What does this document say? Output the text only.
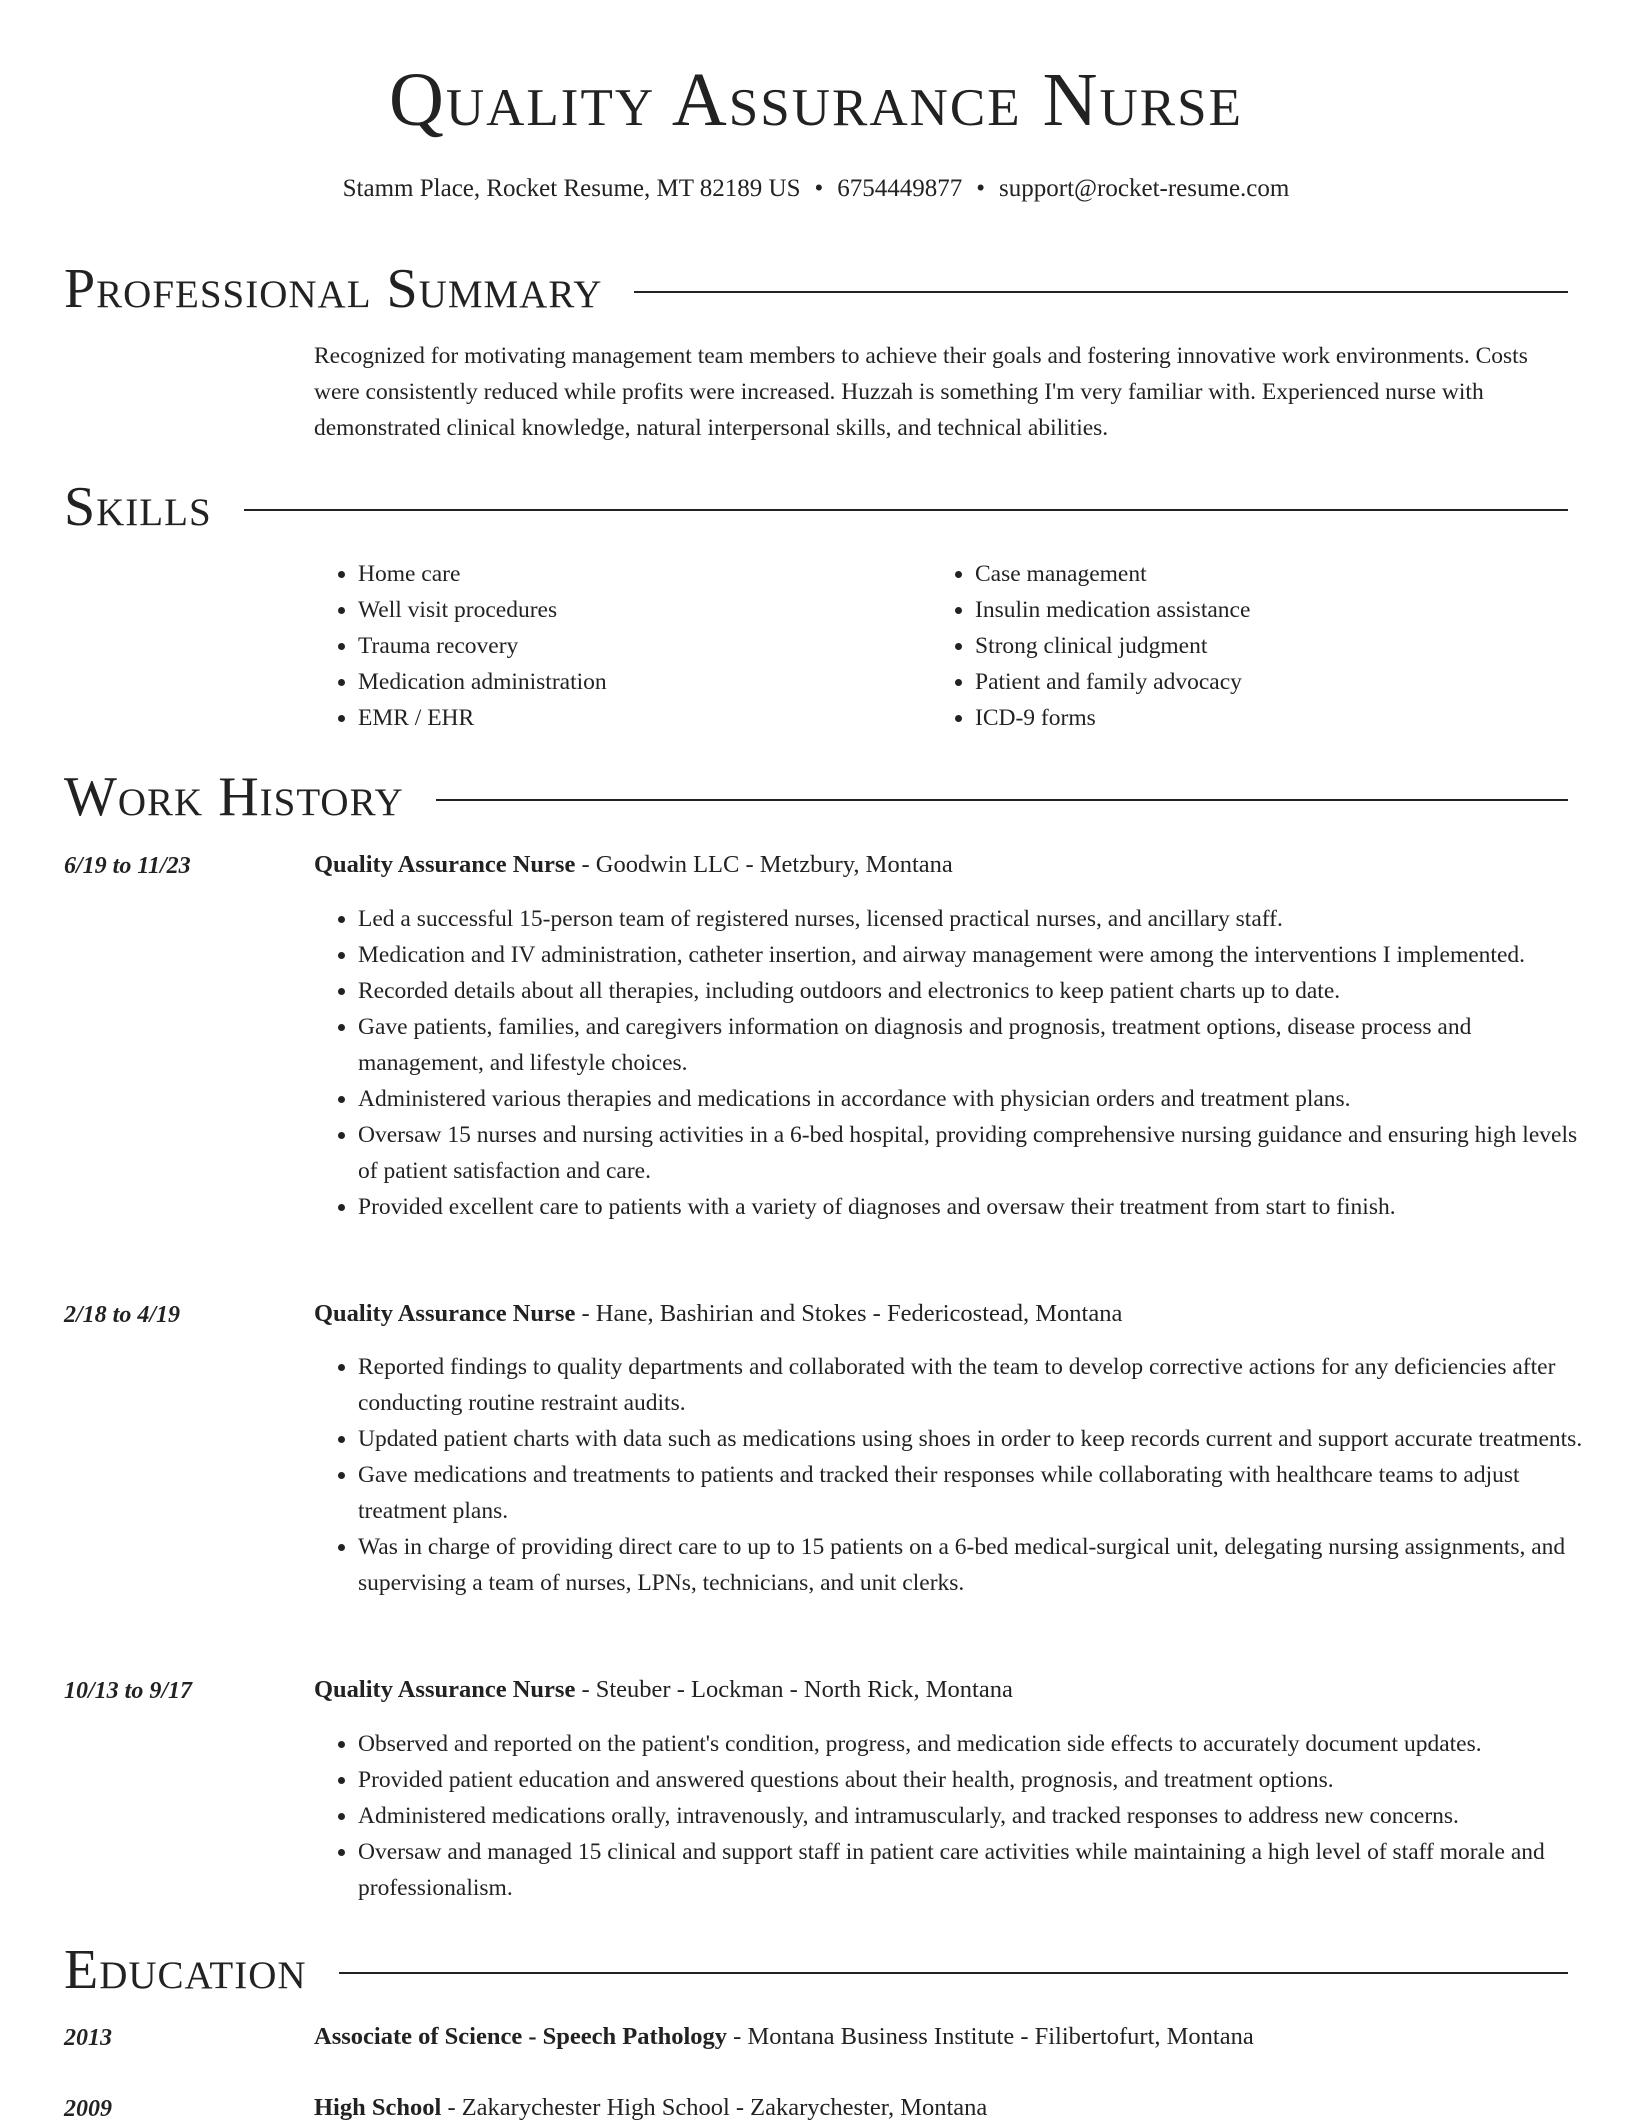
Quality Assurance Nurse
Stamm Place, Rocket Resume, MT 82189 US • 6754449877 • support@rocket-resume.com
Professional Summary
Recognized for motivating management team members to achieve their goals and fostering innovative work environments. Costs were consistently reduced while profits were increased. Huzzah is something I'm very familiar with. Experienced nurse with demonstrated clinical knowledge, natural interpersonal skills, and technical abilities.
Skills
• Home care
• Well visit procedures
• Trauma recovery
• Medication administration
• EMR / EHR
• Case management
• Insulin medication assistance
• Strong clinical judgment
• Patient and family advocacy
• ICD-9 forms
Work History
6/19 to 11/23	Quality Assurance Nurse - Goodwin LLC - Metzbury, Montana
• Led a successful 15-person team of registered nurses, licensed practical nurses, and ancillary staff.
• Medication and IV administration, catheter insertion, and airway management were among the interventions I implemented.
• Recorded details about all therapies, including outdoors and electronics to keep patient charts up to date.
• Gave patients, families, and caregivers information on diagnosis and prognosis, treatment options, disease process and management, and lifestyle choices.
• Administered various therapies and medications in accordance with physician orders and treatment plans.
• Oversaw 15 nurses and nursing activities in a 6-bed hospital, providing comprehensive nursing guidance and ensuring high levels of patient satisfaction and care.
• Provided excellent care to patients with a variety of diagnoses and oversaw their treatment from start to finish.
2/18 to 4/19	Quality Assurance Nurse - Hane, Bashirian and Stokes - Federicostead, Montana
• Reported findings to quality departments and collaborated with the team to develop corrective actions for any deficiencies after conducting routine restraint audits.
• Updated patient charts with data such as medications using shoes in order to keep records current and support accurate treatments.
• Gave medications and treatments to patients and tracked their responses while collaborating with healthcare teams to adjust treatment plans.
• Was in charge of providing direct care to up to 15 patients on a 6-bed medical-surgical unit, delegating nursing assignments, and supervising a team of nurses, LPNs, technicians, and unit clerks.
10/13 to 9/17	Quality Assurance Nurse - Steuber - Lockman - North Rick, Montana
• Observed and reported on the patient's condition, progress, and medication side effects to accurately document updates.
• Provided patient education and answered questions about their health, prognosis, and treatment options.
• Administered medications orally, intravenously, and intramuscularly, and tracked responses to address new concerns.
• Oversaw and managed 15 clinical and support staff in patient care activities while maintaining a high level of staff morale and professionalism.
Education
2013	Associate of Science - Speech Pathology - Montana Business Institute - Filibertofurt, Montana
2009	High School - Zakarychester High School - Zakarychester, Montana
